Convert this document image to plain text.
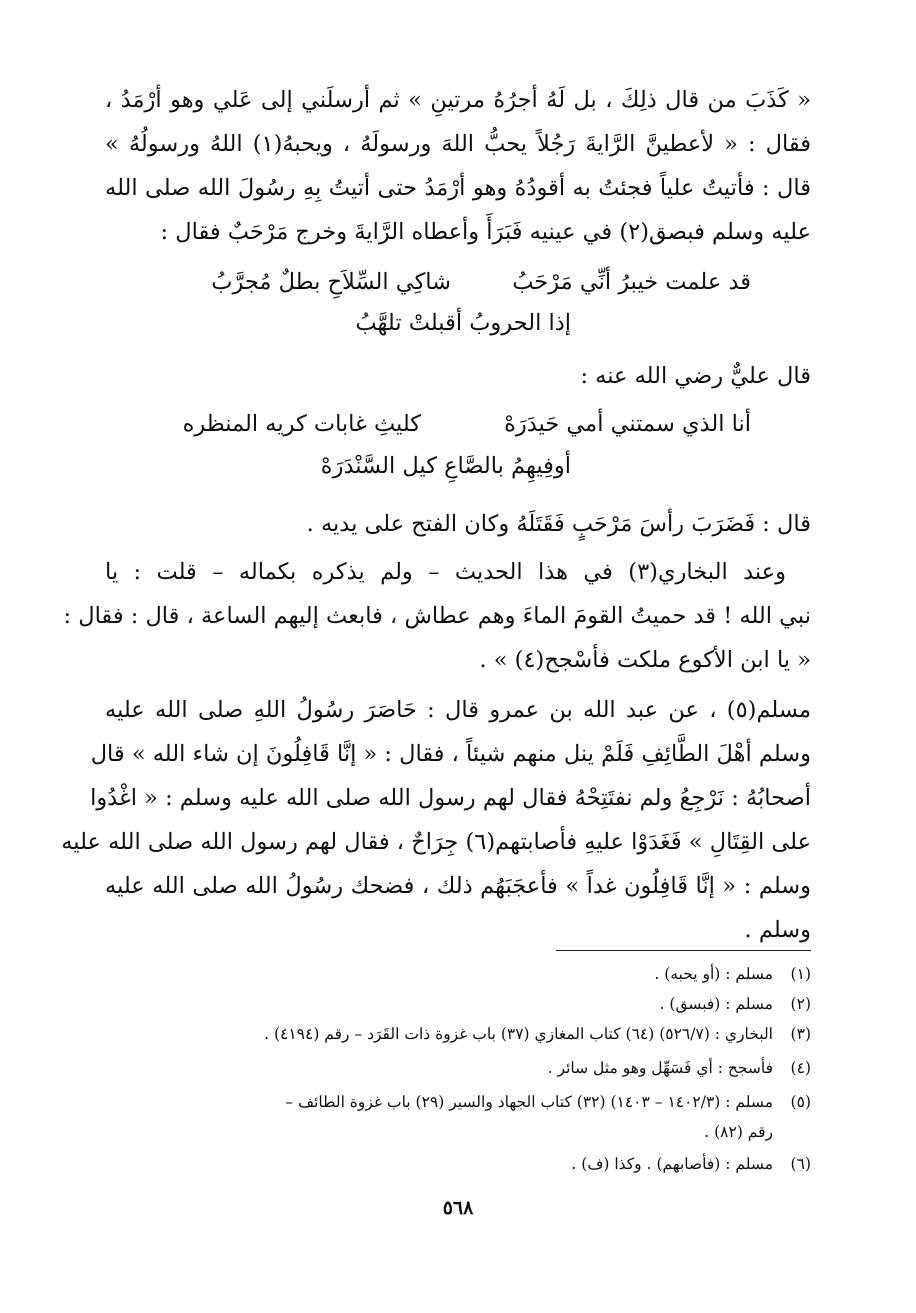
« كَذَبَ من قال ذلِكَ ، بل لَهُ أجرُهُ مرتينِ » ثم أرسلَني إلى عَلي وهو أرْمَدُ ،
فقال : « لأعطينَّ الرَّايةَ رَجُلاً يحبُّ اللهَ ورسولَهُ ، ويحبهُ(١) اللهُ ورسولُهُ »
قال : فأتيتُ علياً فجئتُ به أقودُهُ وهو أرْمَدُ حتى أتيتُ بِهِ رسُولَ الله صلى الله
عليه وسلم فبصق(٢) في عينيه فَبَرَأَ وأعطاه الرَّايةَ وخرج مَرْحَبٌ فقال :
قد علمت خيبرُ أنِّي مَرْحَبُ
شاكِي السِّلاَحِ بطلٌ مُجرَّبُ
إذا الحروبُ أقبلتْ تلهَّبُ
قال عليٌّ رضي الله عنه :
أنا الذي سمتني أمي حَيدَرَهْ
كليثِ غابات كريه المنظره
أوفِيهِمُ بالصَّاعِ كيل السَّنْدَرَهْ
قال : فَضَرَبَ رأسَ مَرْحَبٍ فَقَتَلَهُ وكان الفتح على يديه .
وعند البخاري(٣) في هذا الحديث – ولم يذكره بكماله – قلت : يا
نبي الله ! قد حميتُ القومَ الماءَ وهم عطاش ، فابعث إليهم الساعة ، قال : فقال :
« يا ابن الأكوع ملكت فأسْجح(٤) » .
مسلم(٥) ، عن عبد الله بن عمرو قال : حَاصَرَ رسُولُ اللهِ صلى الله عليه
وسلم أهْلَ الطَّائِفِ فَلَمْ ينل منهم شيئاً ، فقال : « إنَّا قَافِلُونَ إن شاء الله » قال
أصحابُهُ : نَرْجِعُ ولم نفتَتِحْهُ فقال لهم رسول الله صلى الله عليه وسلم : « اغْدُوا
على القِتَالِ » فَغَدَوْا عليهِ فأصابتهم(٦) جِرَاحٌ ، فقال لهم رسول الله صلى الله عليه
وسلم : « إنَّا قَافِلُون غداً » فأعجَبَهُم ذلك ، فضحك رسُولُ الله صلى الله عليه
وسلم .
(١)مسلم : (أو يحبه) .
(٢)مسلم : (فبسق) .
(٣)البخاري : (٥٢٦/٧) (٦٤) كتاب المغازي (٣٧) باب غزوة ذات القَرَد – رقم (٤١٩٤) .
(٤)فأسجح : أي فَسَهِّل وهو مثل سائر .
(٥)مسلم : (١٤٠٢/٣ – ١٤٠٣) (٣٢) كتاب الجهاد والسير (٢٩) باب غزوة الطائف –
رقم (٨٢) .
(٦)مسلم : (فأصابهم) . وكذا (ف) .
٥٦٨
